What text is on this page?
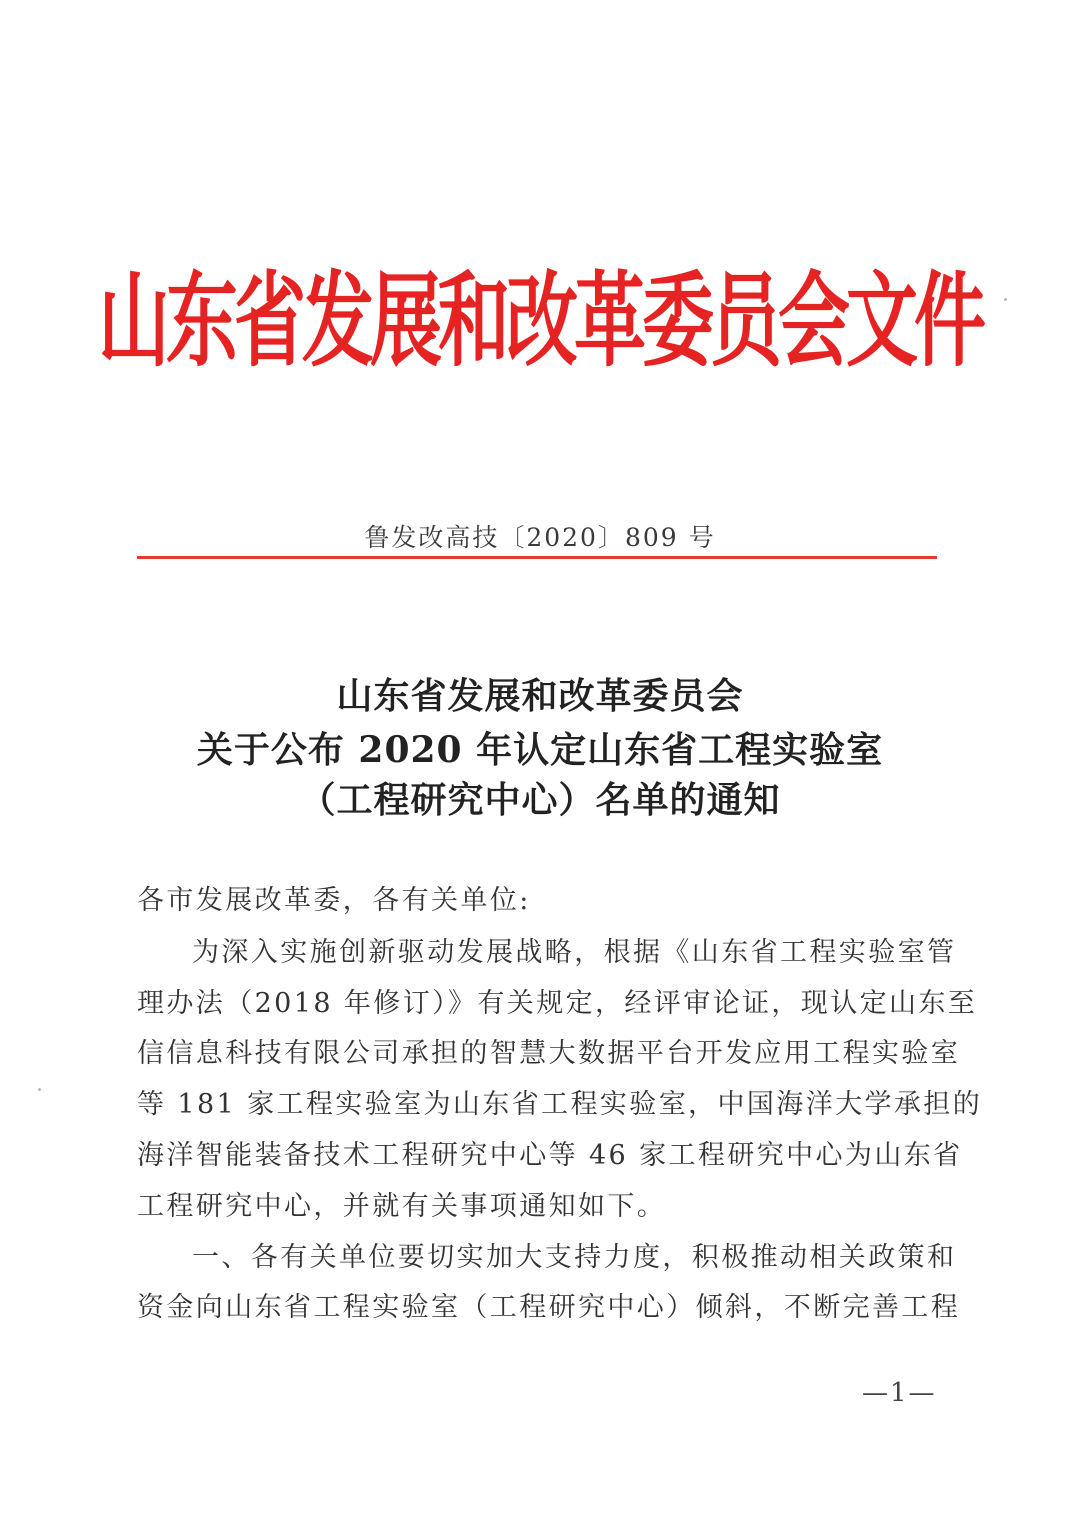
山东省发展和改革委员会文件
鲁发改高技〔2020〕809 号
山东省发展和改革委员会
关于公布 2020 年认定山东省工程实验室
（工程研究中心）名单的通知
各市发展改革委，各有关单位:
为深入实施创新驱动发展战略，根据《山东省工程实验室管
理办法（2018 年修订）》有关规定，经评审论证，现认定山东至
信信息科技有限公司承担的智慧大数据平台开发应用工程实验室
等 181 家工程实验室为山东省工程实验室，中国海洋大学承担的
海洋智能装备技术工程研究中心等 46 家工程研究中心为山东省
工程研究中心，并就有关事项通知如下。
一、各有关单位要切实加大支持力度，积极推动相关政策和
资金向山东省工程实验室（工程研究中心）倾斜，不断完善工程
—1—
